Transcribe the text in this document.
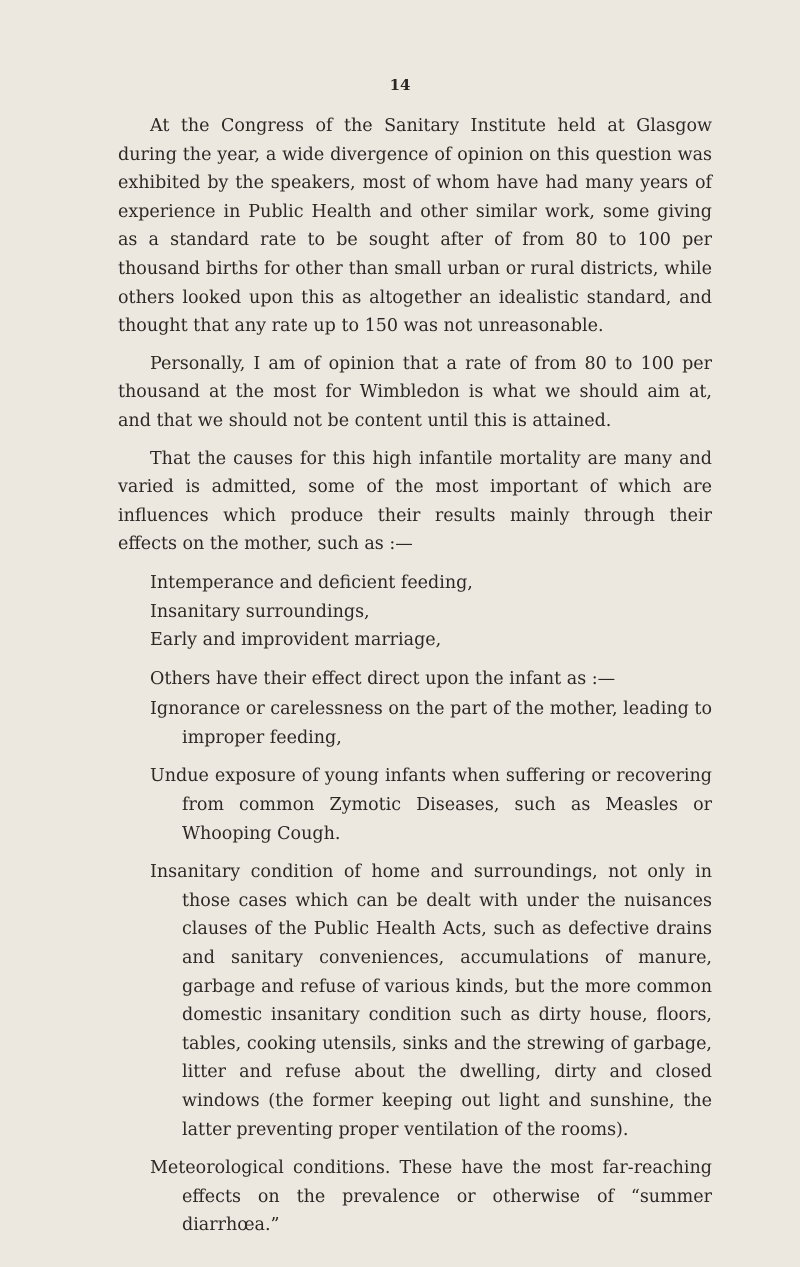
14

At the Congress of the Sanitary Institute held at Glasgow during the year, a wide divergence of opinion on this question was exhibited by the speakers, most of whom have had many years of experience in Public Health and other similar work, some giving as a standard rate to be sought after of from 80 to 100 per thousand births for other than small urban or rural districts, while others looked upon this as altogether an idealistic standard, and thought that any rate up to 150 was not unreasonable.

Personally, I am of opinion that a rate of from 80 to 100 per thousand at the most for Wimbledon is what we should aim at, and that we should not be content until this is attained.

That the causes for this high infantile mortality are many and varied is admitted, some of the most important of which are influences which produce their results mainly through their effects on the mother, such as :—

Intemperance and deficient feeding,

Insanitary surroundings,

Early and improvident marriage,

Others have their effect direct upon the infant as :—

Ignorance or carelessness on the part of the mother, leading to improper feeding,

Undue exposure of young infants when suffering or recovering from common Zymotic Diseases, such as Measles or Whooping Cough.

Insanitary condition of home and surroundings, not only in those cases which can be dealt with under the nuisances clauses of the Public Health Acts, such as defective drains and sanitary conveniences, accumulations of manure, garbage and refuse of various kinds, but the more common domestic insanitary condition such as dirty house, floors, tables, cooking utensils, sinks and the strewing of garbage, litter and refuse about the dwelling, dirty and closed windows (the former keeping out light and sunshine, the latter preventing proper ventilation of the rooms).

Meteorological conditions. These have the most far-reaching effects on the prevalence or otherwise of “summer diarrhœa.”
